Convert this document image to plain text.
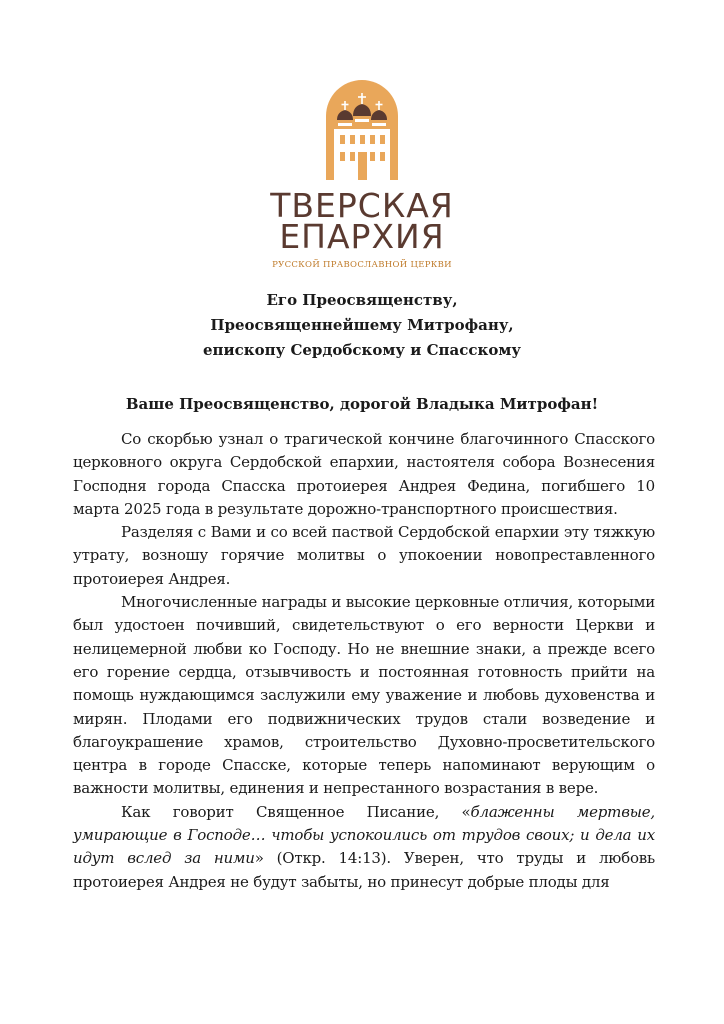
ТВЕРСКАЯ
ЕПАРХИЯ
РУССКОЙ ПРАВОСЛАВНОЙ ЦЕРКВИ
Его Преосвященству,
Преосвященнейшему Митрофану,
епископу Сердобскому и Спасскому
Ваше Преосвященство, дорогой Владыка Митрофан!

Со скорбью узнал о трагической кончине благочинного Спасского церковного округа Сердобской епархии, настоятеля собора Вознесения Господня города Спасска протоиерея Андрея Федина, погибшего 10 марта 2025 года в результате дорожно-транспортного происшествия.

Разделяя с Вами и со всей паствой Сердобской епархии эту тяжкую утрату, возношу горячие молитвы о упокоении новопреставленного протоиерея Андрея.

Многочисленные награды и высокие церковные отличия, которыми был удостоен почивший, свидетельствуют о его верности Церкви и нелицемерной любви ко Господу. Но не внешние знаки, а прежде всего его горение сердца, отзывчивость и постоянная готовность прийти на помощь нуждающимся заслужили ему уважение и любовь духовенства и мирян. Плодами его подвижнических трудов стали возведение и благоукрашение храмов, строительство Духовно-просветительского центра в городе Спасске, которые теперь напоминают верующим о важности молитвы, единения и непрестанного возрастания в вере.

Как говорит Священное Писание, «блаженны мертвые, умирающие в Господе… чтобы успокоились от трудов своих; и дела их идут вслед за ними» (Откр. 14:13). Уверен, что труды и любовь протоиерея Андрея не будут забыты, но принесут добрые плоды для
